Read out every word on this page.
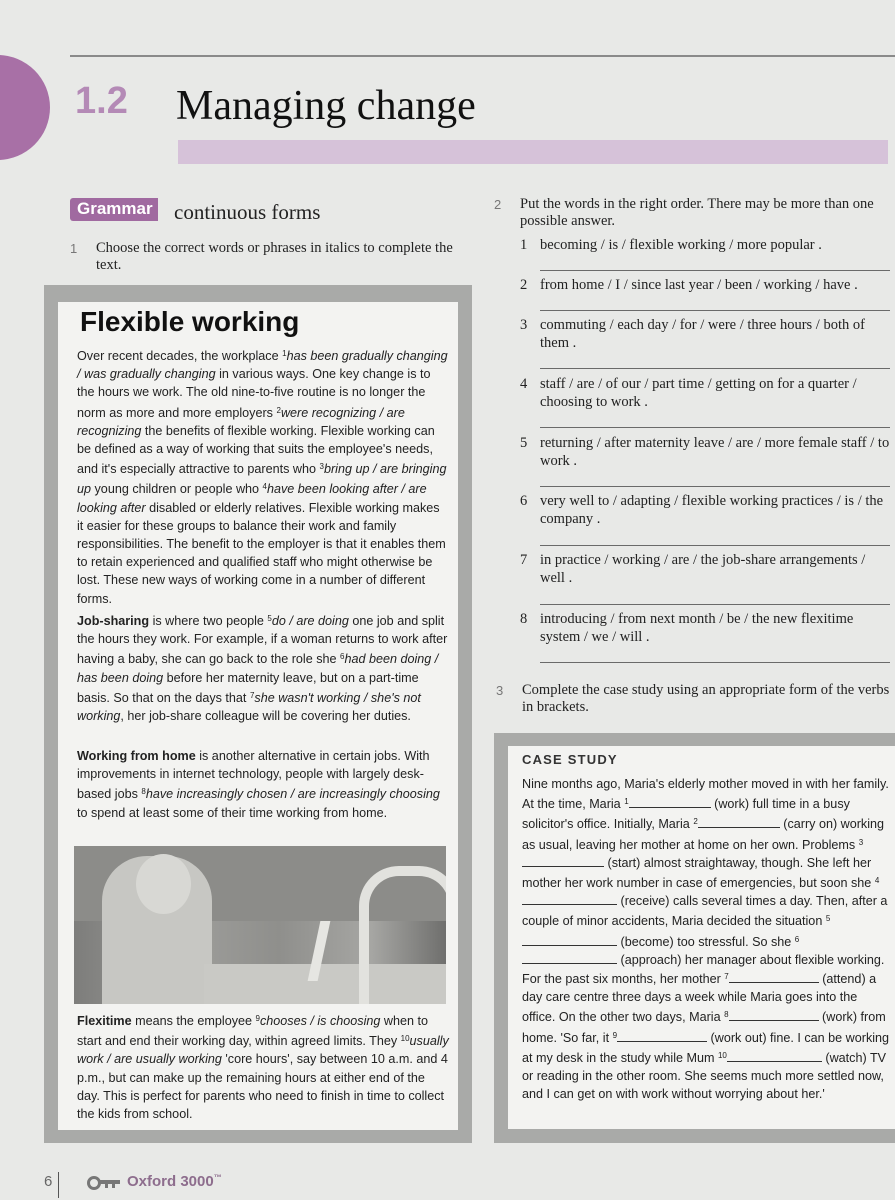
1.2 Managing change
Grammar continuous forms
1 Choose the correct words or phrases in italics to complete the text.
Flexible working
Over recent decades, the workplace $^1$has been gradually changing / was gradually changing in various ways. One key change is to the hours we work. The old nine-to-five routine is no longer the norm as more and more employers $^2$were recognizing / are recognizing the benefits of flexible working. Flexible working can be defined as a way of working that suits the employee's needs, and it's especially attractive to parents who $^3$bring up / are bringing up young children or people who $^4$have been looking after / are looking after disabled or elderly relatives. Flexible working makes it easier for these groups to balance their work and family responsibilities. The benefit to the employer is that it enables them to retain experienced and qualified staff who might otherwise be lost. These new ways of working come in a number of different forms.
Job-sharing is where two people $^5$do / are doing one job and split the hours they work. For example, if a woman returns to work after having a baby, she can go back to the role she $^6$had been doing / has been doing before her maternity leave, but on a part-time basis. So that on the days that $^7$she wasn't working / she's not working, her job-share colleague will be covering her duties.
Working from home is another alternative in certain jobs. With improvements in internet technology, people with largely desk-based jobs $^8$have increasingly chosen / are increasingly choosing to spend at least some of their time working from home.
Flexitime means the employee $^9$chooses / is choosing when to start and end their working day, within agreed limits. They $^{10}$usually work / are usually working 'core hours', say between 10 a.m. and 4 p.m., but can make up the remaining hours at either end of the day. This is perfect for parents who need to finish in time to collect the kids from school.
2 Put the words in the right order. There may be more than one possible answer.
1 becoming / is / flexible working / more popular .
2 from home / I / since last year / been / working / have .
3 commuting / each day / for / were / three hours / both of them .
4 staff / are / of our / part time / getting on for a quarter / choosing to work .
5 returning / after maternity leave / are / more female staff / to work .
6 very well to / adapting / flexible working practices / is / the company .
7 in practice / working / are / the job-share arrangements / well .
8 introducing / from next month / be / the new flexitime system / we / will .
3 Complete the case study using an appropriate form of the verbs in brackets.
CASE STUDY
Nine months ago, Maria's elderly mother moved in with her family. At the time, Maria $^1$	(work) full time in a busy solicitor's office. Initially, Maria $^2$	(carry on) working as usual, leaving her mother at home on her own. Problems $^3$ (start) almost straightaway, though. She left her mother her work number in case of emergencies, but soon she $^4$ (receive) calls several times a day. Then, after a couple of minor accidents, Maria decided the situation $^5$ (become) too stressful. So she $^6$ (approach) her manager about flexible working.
For the past six months, her mother $^7$	(attend) a day care centre three days a week while Maria goes into the office. On the other two days, Maria $^8$	(work) from home. 'So far, it $^9$	(work out) fine. I can be working at my desk in the study while Mum $^{10}$	(watch) TV or reading in the other room. She seems much more settled now, and I can get on with work without worrying about her.'
6	Oxford 3000™
